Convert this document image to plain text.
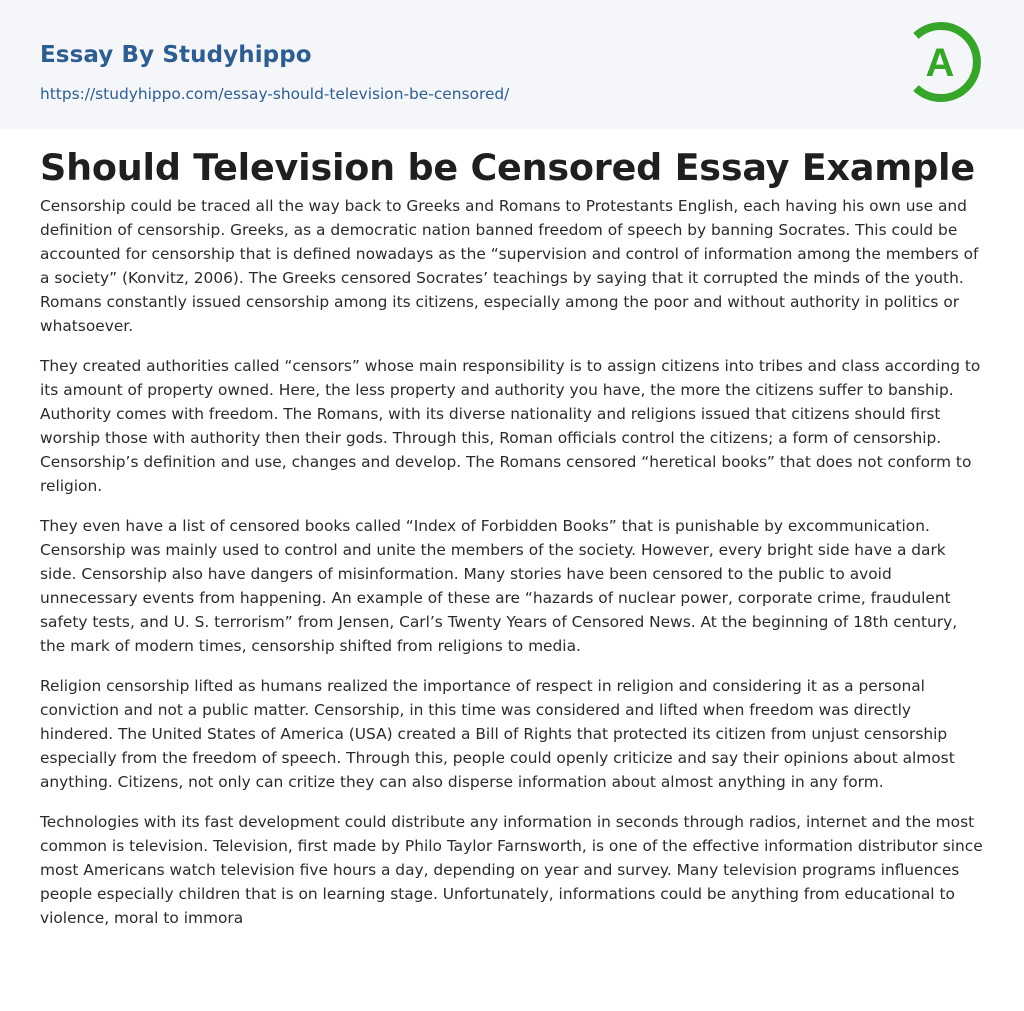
Essay By Studyhippo
https://studyhippo.com/essay-should-television-be-censored/
A
Should Television be Censored Essay Example

Censorship could be traced all the way back to Greeks and Romans to Protestants English, each having his own use and definition of censorship. Greeks, as a democratic nation banned freedom of speech by banning Socrates. This could be accounted for censorship that is defined nowadays as the “supervision and control of information among the members of a society” (Konvitz, 2006). The Greeks censored Socrates’ teachings by saying that it corrupted the minds of the youth. Romans constantly issued censorship among its citizens, especially among the poor and without authority in politics or whatsoever.

They created authorities called “censors” whose main responsibility is to assign citizens into tribes and class according to its amount of property owned. Here, the less property and authority you have, the more the citizens suffer to banship. Authority comes with freedom. The Romans, with its diverse nationality and religions issued that citizens should first worship those with authority then their gods. Through this, Roman officials control the citizens; a form of censorship. Censorship’s definition and use, changes and develop. The Romans censored “heretical books” that does not conform to religion.

They even have a list of censored books called “Index of Forbidden Books” that is punishable by excommunication. Censorship was mainly used to control and unite the members of the society. However, every bright side have a dark side. Censorship also have dangers of misinformation. Many stories have been censored to the public to avoid unnecessary events from happening. An example of these are “hazards of nuclear power, corporate crime, fraudulent safety tests, and U. S. terrorism” from Jensen, Carl’s Twenty Years of Censored News. At the beginning of 18th century, the mark of modern times, censorship shifted from religions to media.

Religion censorship lifted as humans realized the importance of respect in religion and considering it as a personal conviction and not a public matter. Censorship, in this time was considered and lifted when freedom was directly hindered. The United States of America (USA) created a Bill of Rights that protected its citizen from unjust censorship especially from the freedom of speech. Through this, people could openly criticize and say their opinions about almost anything. Citizens, not only can critize they can also disperse information about almost anything in any form.

Technologies with its fast development could distribute any information in seconds through radios, internet and the most common is television. Television, first made by Philo Taylor Farnsworth, is one of the effective information distributor since most Americans watch television five hours a day, depending on year and survey. Many television programs influences people especially children that is on learning stage. Unfortunately, informations could be anything from educational to violence, moral to immora
